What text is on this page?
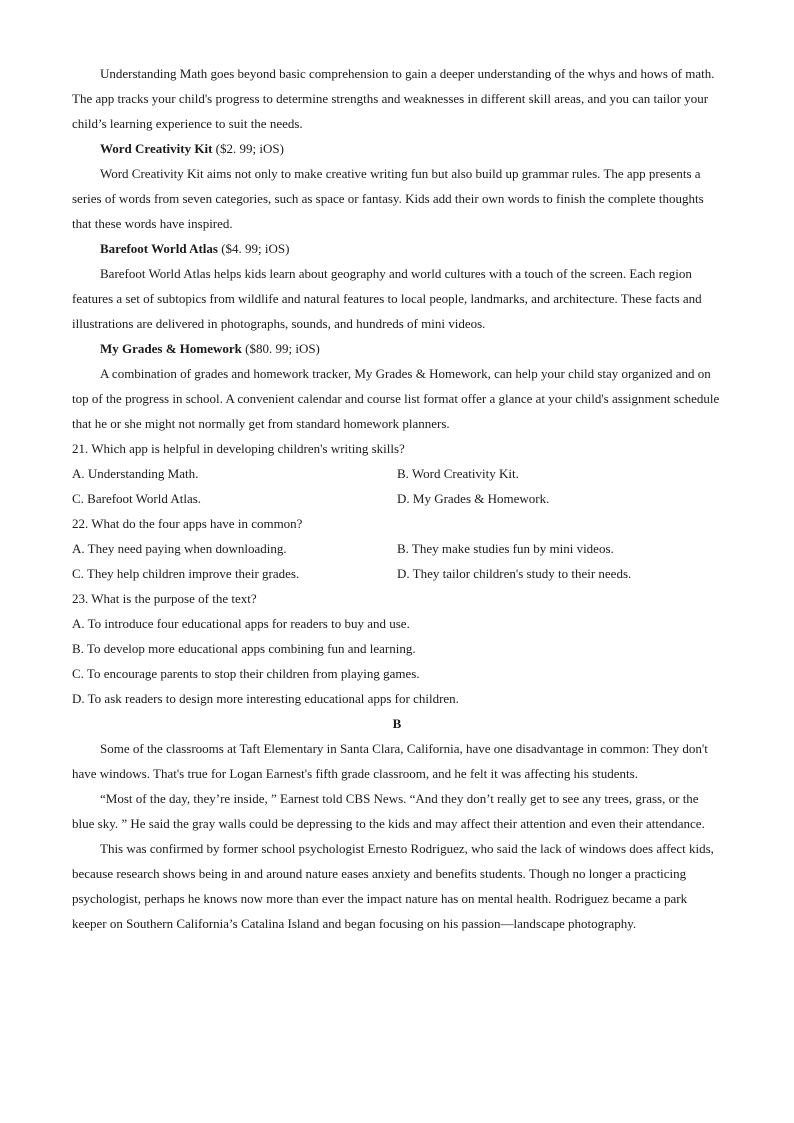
Understanding Math goes beyond basic comprehension to gain a deeper understanding of the whys and hows of math. The app tracks your child's progress to determine strengths and weaknesses in different skill areas, and you can tailor your child’s learning experience to suit the needs.

Word Creativity Kit ($2. 99; iOS)

Word Creativity Kit aims not only to make creative writing fun but also build up grammar rules. The app presents a series of words from seven categories, such as space or fantasy. Kids add their own words to finish the complete thoughts that these words have inspired.

Barefoot World Atlas ($4. 99; iOS)

Barefoot World Atlas helps kids learn about geography and world cultures with a touch of the screen. Each region features a set of subtopics from wildlife and natural features to local people, landmarks, and architecture. These facts and illustrations are delivered in photographs, sounds, and hundreds of mini videos.

My Grades & Homework ($80. 99; iOS)

A combination of grades and homework tracker, My Grades & Homework, can help your child stay organized and on top of the progress in school. A convenient calendar and course list format offer a glance at your child's assignment schedule that he or she might not normally get from standard homework planners.

21. Which app is helpful in developing children's writing skills?
A. Understanding Math.	B. Word Creativity Kit.
C. Barefoot World Atlas.	D. My Grades & Homework.
22. What do the four apps have in common?
A. They need paying when downloading.	B. They make studies fun by mini videos.
C. They help children improve their grades.	D. They tailor children's study to their needs.
23. What is the purpose of the text?
A. To introduce four educational apps for readers to buy and use.
B. To develop more educational apps combining fun and learning.
C. To encourage parents to stop their children from playing games.
D. To ask readers to design more interesting educational apps for children.
B

Some of the classrooms at Taft Elementary in Santa Clara, California, have one disadvantage in common: They don't have windows. That's true for Logan Earnest's fifth grade classroom, and he felt it was affecting his students.

“Most of the day, they’re inside, ” Earnest told CBS News. “And they don’t really get to see any trees, grass, or the blue sky. ” He said the gray walls could be depressing to the kids and may affect their attention and even their attendance.

This was confirmed by former school psychologist Ernesto Rodriguez, who said the lack of windows does affect kids, because research shows being in and around nature eases anxiety and benefits students. Though no longer a practicing psychologist, perhaps he knows now more than ever the impact nature has on mental health. Rodriguez became a park keeper on Southern California’s Catalina Island and began focusing on his passion—landscape photography.
